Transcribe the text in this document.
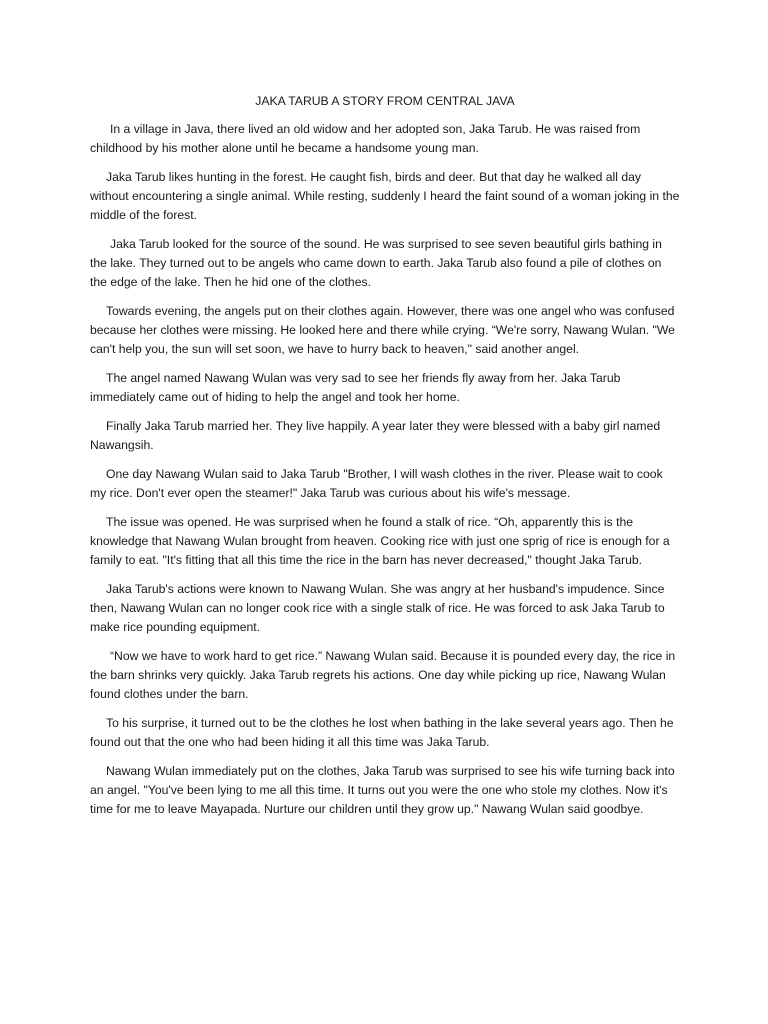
JAKA TARUB A STORY FROM CENTRAL JAVA

In a village in Java, there lived an old widow and her adopted son, Jaka Tarub. He was raised from childhood by his mother alone until he became a handsome young man.

Jaka Tarub likes hunting in the forest. He caught fish, birds and deer. But that day he walked all day without encountering a single animal. While resting, suddenly I heard the faint sound of a woman joking in the middle of the forest.

Jaka Tarub looked for the source of the sound. He was surprised to see seven beautiful girls bathing in the lake. They turned out to be angels who came down to earth. Jaka Tarub also found a pile of clothes on the edge of the lake. Then he hid one of the clothes.

Towards evening, the angels put on their clothes again. However, there was one angel who was confused because her clothes were missing. He looked here and there while crying. “We're sorry, Nawang Wulan. "We can't help you, the sun will set soon, we have to hurry back to heaven," said another angel.

The angel named Nawang Wulan was very sad to see her friends fly away from her. Jaka Tarub immediately came out of hiding to help the angel and took her home.

Finally Jaka Tarub married her. They live happily. A year later they were blessed with a baby girl named Nawangsih.

One day Nawang Wulan said to Jaka Tarub "Brother, I will wash clothes in the river. Please wait to cook my rice. Don't ever open the steamer!" Jaka Tarub was curious about his wife's message.

The issue was opened. He was surprised when he found a stalk of rice. “Oh, apparently this is the knowledge that Nawang Wulan brought from heaven. Cooking rice with just one sprig of rice is enough for a family to eat. "It's fitting that all this time the rice in the barn has never decreased," thought Jaka Tarub.

Jaka Tarub's actions were known to Nawang Wulan. She was angry at her husband's impudence. Since then, Nawang Wulan can no longer cook rice with a single stalk of rice. He was forced to ask Jaka Tarub to make rice pounding equipment.

“Now we have to work hard to get rice.” Nawang Wulan said. Because it is pounded every day, the rice in the barn shrinks very quickly. Jaka Tarub regrets his actions. One day while picking up rice, Nawang Wulan found clothes under the barn.

To his surprise, it turned out to be the clothes he lost when bathing in the lake several years ago. Then he found out that the one who had been hiding it all this time was Jaka Tarub.

Nawang Wulan immediately put on the clothes, Jaka Tarub was surprised to see his wife turning back into an angel. "You've been lying to me all this time. It turns out you were the one who stole my clothes. Now it's time for me to leave Mayapada. Nurture our children until they grow up." Nawang Wulan said goodbye.
